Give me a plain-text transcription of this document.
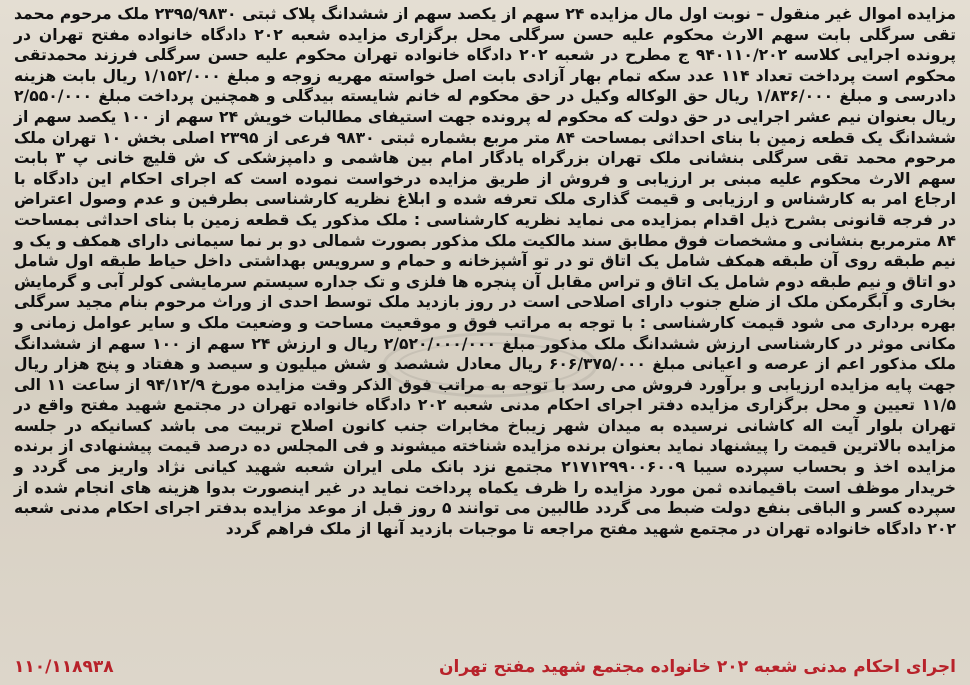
مزایده اموال غیر منقول – نوبت اول مال مزایده ۲۴ سهم از یکصد سهم از ششدانگ پلاک ثبتی ۲۳۹۵/۹۸۳۰ ملک مرحوم محمد تقی سرگلی بابت سهم الارث محکوم علیه حسن سرگلی محل برگزاری مزایده شعبه ۲۰۲ دادگاه خانواده مفتح تهران در پرونده اجرایی کلاسه ۹۴۰۱۱۰/۲۰۲ ج مطرح در شعبه ۲۰۲ دادگاه خانواده تهران محکوم علیه حسن سرگلی فرزند محمدتقی محکوم است پرداخت تعداد ۱۱۴ عدد سکه تمام بهار آزادی بابت اصل خواسته مهریه زوجه و مبلغ ۱/۱۵۲/۰۰۰ ریال بابت هزینه دادرسی و مبلغ ۱/۸۳۶/۰۰۰ ریال حق الوکاله وکیل در حق محکوم له خانم شایسته بیدگلی و همچنین پرداخت مبلغ ۲/۵۵۰/۰۰۰ ریال بعنوان نیم عشر اجرایی در حق دولت که محکوم له پرونده جهت استیفای مطالبات خویش ۲۴ سهم از ۱۰۰ یکصد سهم از ششدانگ یک قطعه زمین با بنای احداثی بمساحت ۸۴ متر مربع بشماره ثبتی ۹۸۳۰ فرعی از ۲۳۹۵ اصلی بخش ۱۰ تهران ملک مرحوم محمد تقی سرگلی بنشانی ملک تهران بزرگراه یادگار امام بین هاشمی و دامپزشکی ک ش قلیچ خانی پ ۳ بابت سهم الارث محکوم علیه مبنی بر ارزیابی و فروش از طریق مزایده درخواست نموده است که اجرای احکام این دادگاه با ارجاع امر به کارشناس و ارزیابی و قیمت گذاری ملک تعرفه شده و ابلاغ نظریه کارشناسی بطرفین و عدم وصول اعتراض در فرجه قانونی بشرح ذیل اقدام بمزایده می نماید نظریه کارشناسی : ملک مذکور یک قطعه زمین با بنای احداثی بمساحت ۸۴ مترمربع بنشانی و مشخصات فوق مطابق سند مالکیت ملک مذکور بصورت شمالی دو بر نما سیمانی دارای همکف و یک و نیم طبقه روی آن طبقه همکف شامل یک اتاق تو در تو آشپزخانه و حمام و سرویس بهداشتی داخل حیاط طبقه اول شامل دو اتاق و نیم طبقه دوم شامل یک اتاق و تراس مقابل آن پنجره ها فلزی و تک جداره سیستم سرمایشی کولر آبی و گرمایش بخاری و آبگرمکن ملک از ضلع جنوب دارای اصلاحی است در روز بازدید ملک توسط احدی از وراث مرحوم بنام مجید سرگلی بهره برداری می شود قیمت کارشناسی : با توجه به مراتب فوق و موقعیت مساحت و وضعیت ملک و سایر عوامل زمانی و مکانی موثر در کارشناسی ارزش ششدانگ ملک مذکور مبلغ ۲/۵۲۰/۰۰۰/۰۰۰ ریال و ارزش ۲۴ سهم از ۱۰۰ سهم از ششدانگ ملک مذکور اعم از عرصه و اعیانی مبلغ ۶۰۶/۳۷۵/۰۰۰ ریال معادل ششصد و شش میلیون و سیصد و هفتاد و پنج هزار ریال جهت پایه مزایده ارزیابی و برآورد فروش می رسد با توجه به مراتب فوق الذکر وقت مزایده مورخ ۹۴/۱۲/۹ از ساعت ۱۱ الی ۱۱/۵ تعیین و محل برگزاری مزایده دفتر اجرای احکام مدنی شعبه ۲۰۲ دادگاه خانواده تهران در مجتمع شهید مفتح واقع در تهران بلوار آیت اله کاشانی نرسیده به میدان شهر زیباخ مخابرات جنب کانون اصلاح تربیت می باشد کسانیکه در جلسه مزایده بالاترین قیمت را پیشنهاد نماید بعنوان برنده مزایده شناخته میشوند و فی المجلس ده درصد قیمت پیشنهادی از برنده مزایده اخذ و بحساب سپرده سیبا ۲۱۷۱۲۹۹۰۰۶۰۰۹ مجتمع نزد بانک ملی ایران شعبه شهید کیانی نژاد واریز می گردد و خریدار موظف است باقیمانده ثمن مورد مزایده را ظرف یکماه پرداخت نماید در غیر اینصورت بدوا هزینه های انجام شده از سپرده کسر و الباقی بنفع دولت ضبط می گردد طالبین می توانند ۵ روز قبل از موعد مزایده بدفتر اجرای احکام مدنی شعبه ۲۰۲ دادگاه خانواده تهران در مجتمع شهید مفتح مراجعه تا موجبات بازدید آنها از ملک فراهم گردد

اجرای احکام مدنی شعبه ۲۰۲ خانواده مجتمع شهید مفتح تهران
۱۱۰/۱۱۸۹۳۸
